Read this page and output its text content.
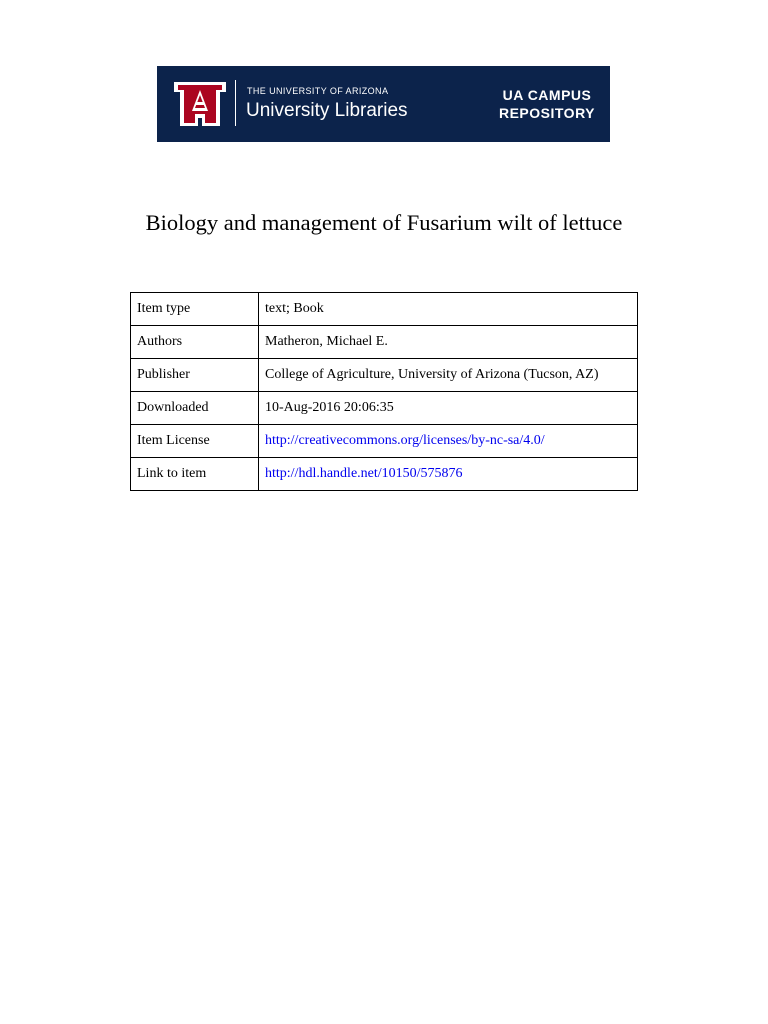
THE UNIVERSITY OF ARIZONA
University Libraries
UA CAMPUS
REPOSITORY
Biology and management of Fusarium wilt of lettuce
Item type	text; Book
Authors	Matheron, Michael E.
Publisher	College of Agriculture, University of Arizona (Tucson, AZ)
Downloaded	10-Aug-2016 20:06:35
Item License	http://creativecommons.org/licenses/by-nc-sa/4.0/
Link to item	http://hdl.handle.net/10150/575876
